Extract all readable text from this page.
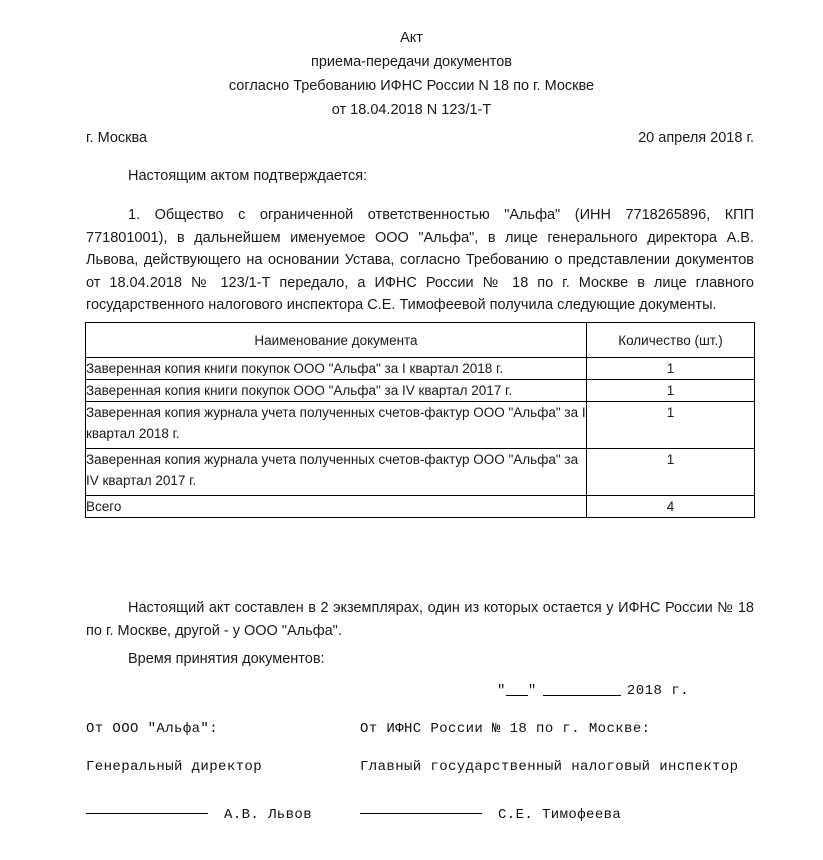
Акт
приема-передачи документов
согласно Требованию ИФНС России N 18 по г. Москве
от 18.04.2018 N 123/1-Т
г. Москва	20 апреля 2018 г.
Настоящим актом подтверждается:
1. Общество с ограниченной ответственностью "Альфа" (ИНН 7718265896, КПП 771801001), в дальнейшем именуемое ООО "Альфа", в лице генерального директора А.В. Львова, действующего на основании Устава, согласно Требованию о представлении документов от 18.04.2018 № 123/1-Т передало, а ИФНС России № 18 по г. Москве в лице главного государственного налогового инспектора С.Е. Тимофеевой получила следующие документы.
Наименование документа	Количество (шт.)
Заверенная копия книги покупок ООО "Альфа" за I квартал 2018 г.	1
Заверенная копия книги покупок ООО "Альфа" за IV квартал 2017 г.	1
Заверенная копия журнала учета полученных счетов-фактур ООО "Альфа" за I квартал 2018 г.	1
Заверенная копия журнала учета полученных счетов-фактур ООО "Альфа" за IV квартал 2017 г.	1
Всего	4
Настоящий акт составлен в 2 экземплярах, один из которых остается у ИФНС России № 18 по г. Москве, другой - у ООО "Альфа".
Время принятия документов:
" "	2018 г.
От ООО "Альфа":	От ИФНС России № 18 по г. Москве:
Генеральный директор	Главный государственный налоговый инспектор
А.В. Львов	С.Е. Тимофеева
